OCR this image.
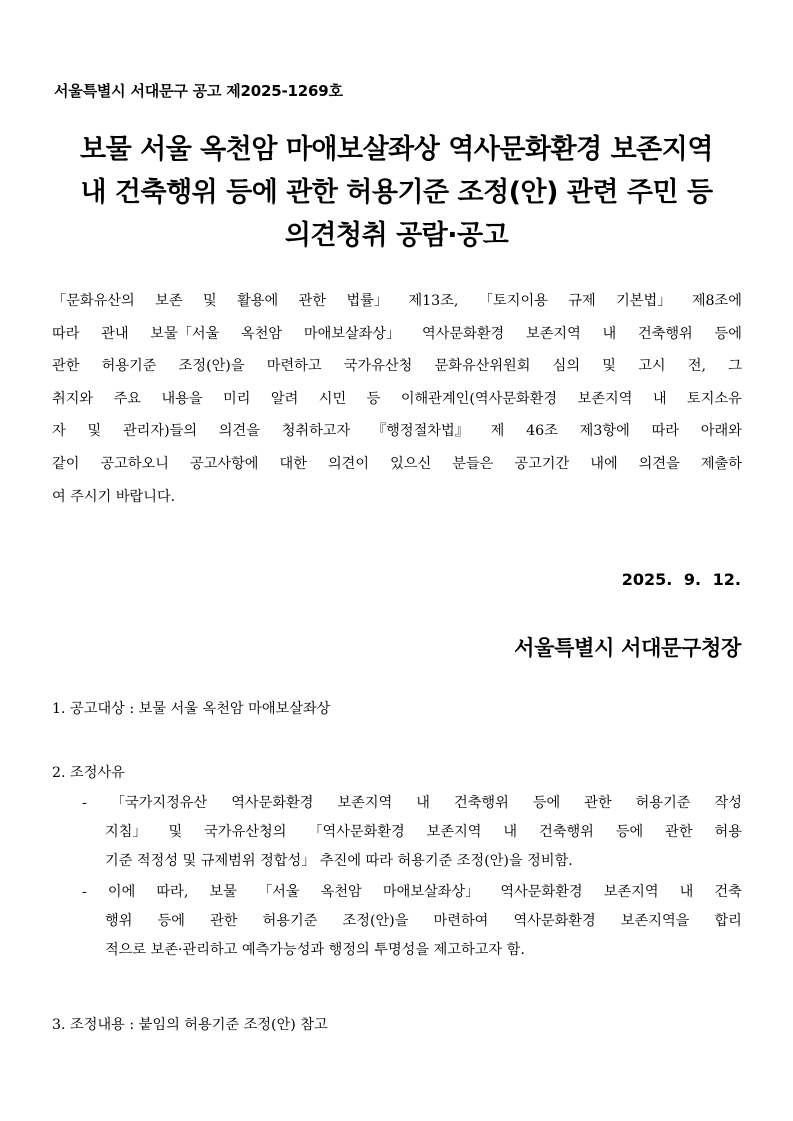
서울특별시 서대문구 공고 제2025-1269호
보물 서울 옥천암 마애보살좌상 역사문화환경 보존지역
내 건축행위 등에 관한 허용기준 조정(안) 관련 주민 등
의견청취 공람·공고
「문화유산의 보존 및 활용에 관한 법률」 제13조, 「토지이용 규제 기본법」 제8조에
따라 관내 보물「서울 옥천암 마애보살좌상」 역사문화환경 보존지역 내 건축행위 등에
관한 허용기준 조정(안)을 마련하고 국가유산청 문화유산위원회 심의 및 고시 전, 그
취지와 주요 내용을 미리 알려 시민 등 이해관계인(역사문화환경 보존지역 내 토지소유
자 및 관리자)들의 의견을 청취하고자 『행정절차법』 제 46조 제3항에 따라 아래와
같이 공고하오니 공고사항에 대한 의견이 있으신 분들은 공고기간 내에 의견을 제출하
여 주시기 바랍니다.
2025. 9. 12.
서울특별시 서대문구청장
1. 공고대상 : 보물 서울 옥천암 마애보살좌상
2. 조정사유
- 「국가지정유산 역사문화환경 보존지역 내 건축행위 등에 관한 허용기준 작성
지침」 및 국가유산청의 「역사문화환경 보존지역 내 건축행위 등에 관한 허용
기준 적정성 및 규제범위 정합성」 추진에 따라 허용기준 조정(안)을 정비함.
- 이에 따라, 보물 「서울 옥천암 마애보살좌상」 역사문화환경 보존지역 내 건축
행위 등에 관한 허용기준 조정(안)을 마련하여 역사문화환경 보존지역을 합리
적으로 보존·관리하고 예측가능성과 행정의 투명성을 제고하고자 함.
3. 조정내용 : 붙임의 허용기준 조정(안) 참고
